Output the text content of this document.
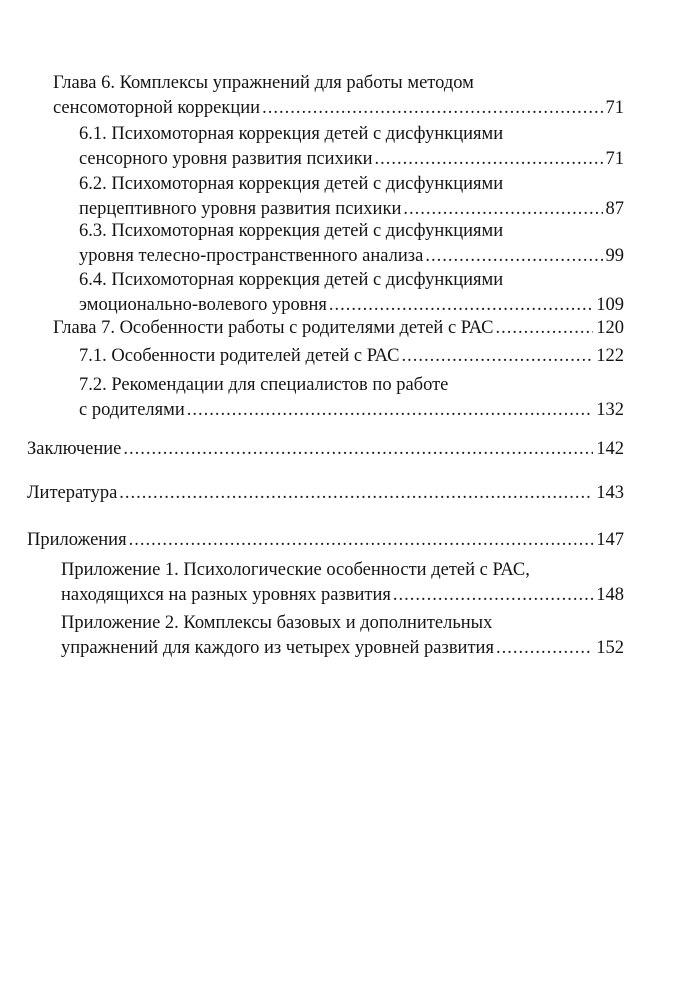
Глава 6. Комплексы упражнений для работы методом
сенсомоторной коррекции .....	71
6.1. Психомоторная коррекция детей с дисфункциями
сенсорного уровня развития психики .....	71
6.2. Психомоторная коррекция детей с дисфункциями
перцептивного уровня развития психики .....	87
6.3. Психомоторная коррекция детей с дисфункциями
уровня телесно-пространственного анализа .....	99
6.4. Психомоторная коррекция детей с дисфункциями
эмоционально-волевого уровня .....	109
Глава 7. Особенности работы с родителями детей с РАС .....	120
7.1. Особенности родителей детей с РАС .....	122
7.2. Рекомендации для специалистов по работе
с родителями .....	132
Заключение .....	142
Литература .....	143
Приложения .....	147
Приложение 1. Психологические особенности детей с РАС,
находящихся на разных уровнях развития .....	148
Приложение 2. Комплексы базовых и дополнительных
упражнений для каждого из четырех уровней развития .....	152
